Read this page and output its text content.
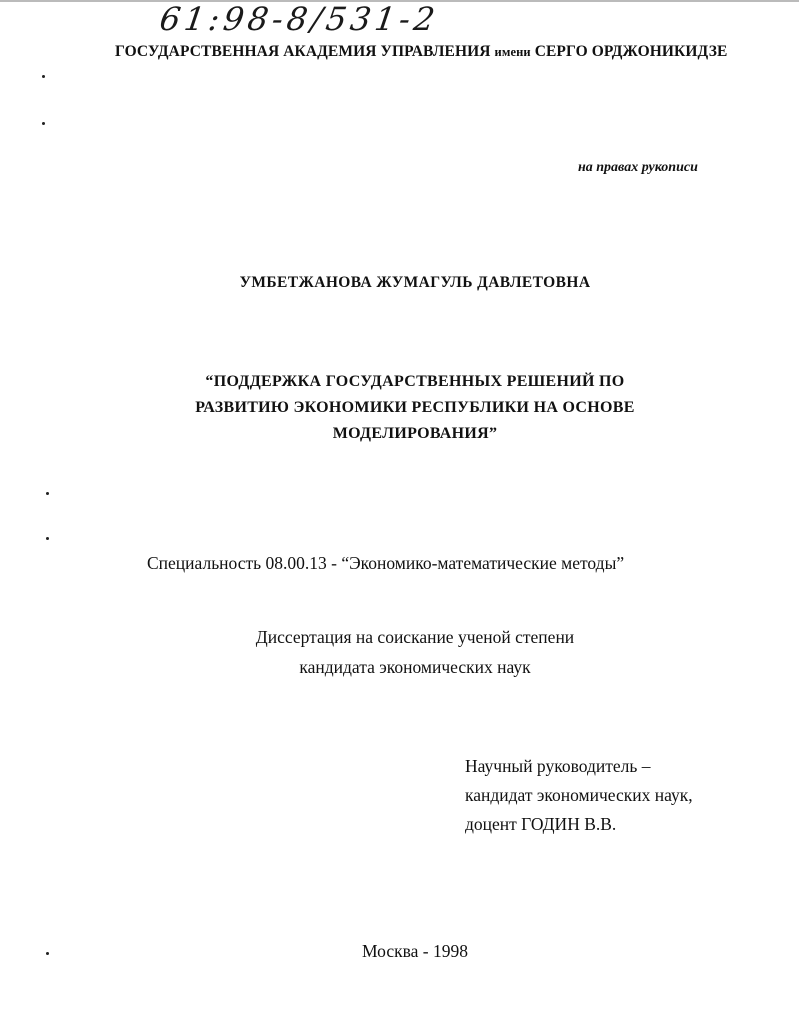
61:98-8/531-2
ГОСУДАРСТВЕННАЯ АКАДЕМИЯ УПРАВЛЕНИЯ имени СЕРГО ОРДЖОНИКИДЗЕ
на правах рукописи
УМБЕТЖАНОВА ЖУМАГУЛЬ ДАВЛЕТОВНА
“ПОДДЕРЖКА ГОСУДАРСТВЕННЫХ РЕШЕНИЙ ПО
РАЗВИТИЮ ЭКОНОМИКИ РЕСПУБЛИКИ НА ОСНОВЕ
МОДЕЛИРОВАНИЯ”
Специальность 08.00.13 - “Экономико-математические методы”
Диссертация на соискание ученой степени
кандидата экономических наук
Научный руководитель –
кандидат экономических наук,
доцент ГОДИН В.В.
Москва - 1998
